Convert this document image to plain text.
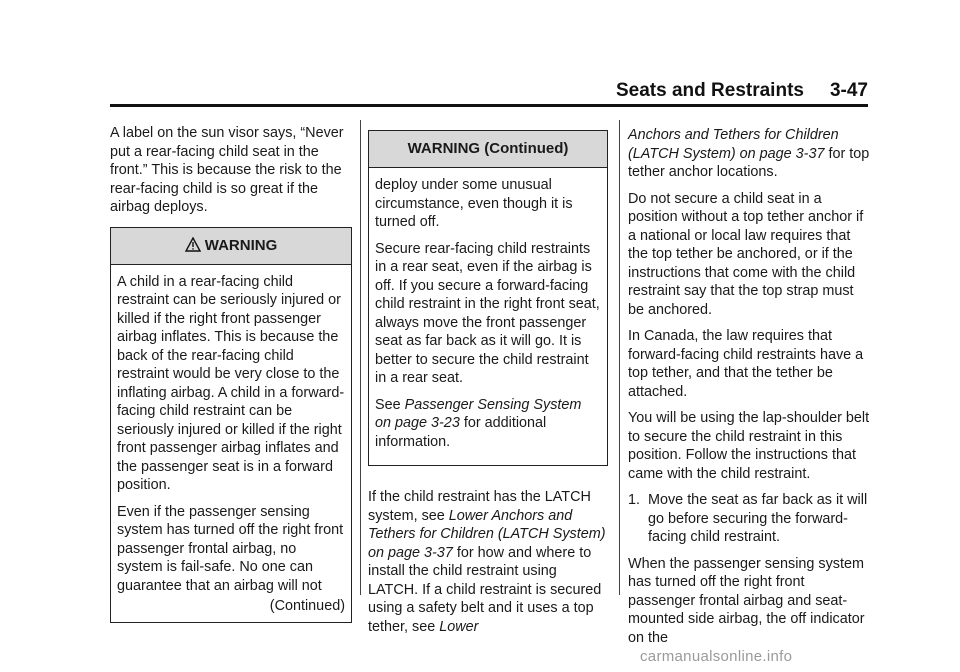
Seats and Restraints 3-47

A label on the sun visor says, “Never put a rear-facing child seat in the front.” This is because the risk to the rear-facing child is so great if the airbag deploys.

WARNING

A child in a rear-facing child restraint can be seriously injured or killed if the right front passenger airbag inflates. This is because the back of the rear-facing child restraint would be very close to the inflating airbag. A child in a forward-facing child restraint can be seriously injured or killed if the right front passenger airbag inflates and the passenger seat is in a forward position.

Even if the passenger sensing system has turned off the right front passenger frontal airbag, no system is fail-safe. No one can guarantee that an airbag will not

(Continued)
WARNING (Continued)

deploy under some unusual circumstance, even though it is turned off.

Secure rear-facing child restraints in a rear seat, even if the airbag is off. If you secure a forward-facing child restraint in the right front seat, always move the front passenger seat as far back as it will go. It is better to secure the child restraint in a rear seat.

See Passenger Sensing System on page 3-23 for additional information.

If the child restraint has the LATCH system, see Lower Anchors and Tethers for Children (LATCH System) on page 3-37 for how and where to install the child restraint using LATCH. If a child restraint is secured using a safety belt and it uses a top tether, see Lower

Anchors and Tethers for Children (LATCH System) on page 3-37 for top tether anchor locations.

Do not secure a child seat in a position without a top tether anchor if a national or local law requires that the top tether be anchored, or if the instructions that come with the child restraint say that the top strap must be anchored.

In Canada, the law requires that forward-facing child restraints have a top tether, and that the tether be attached.

You will be using the lap-shoulder belt to secure the child restraint in this position. Follow the instructions that came with the child restraint.

1. Move the seat as far back as it will go before securing the forward-facing child restraint.

When the passenger sensing system has turned off the right front passenger frontal airbag and seat-mounted side airbag, the off indicator on the

carmanualsonline.info
